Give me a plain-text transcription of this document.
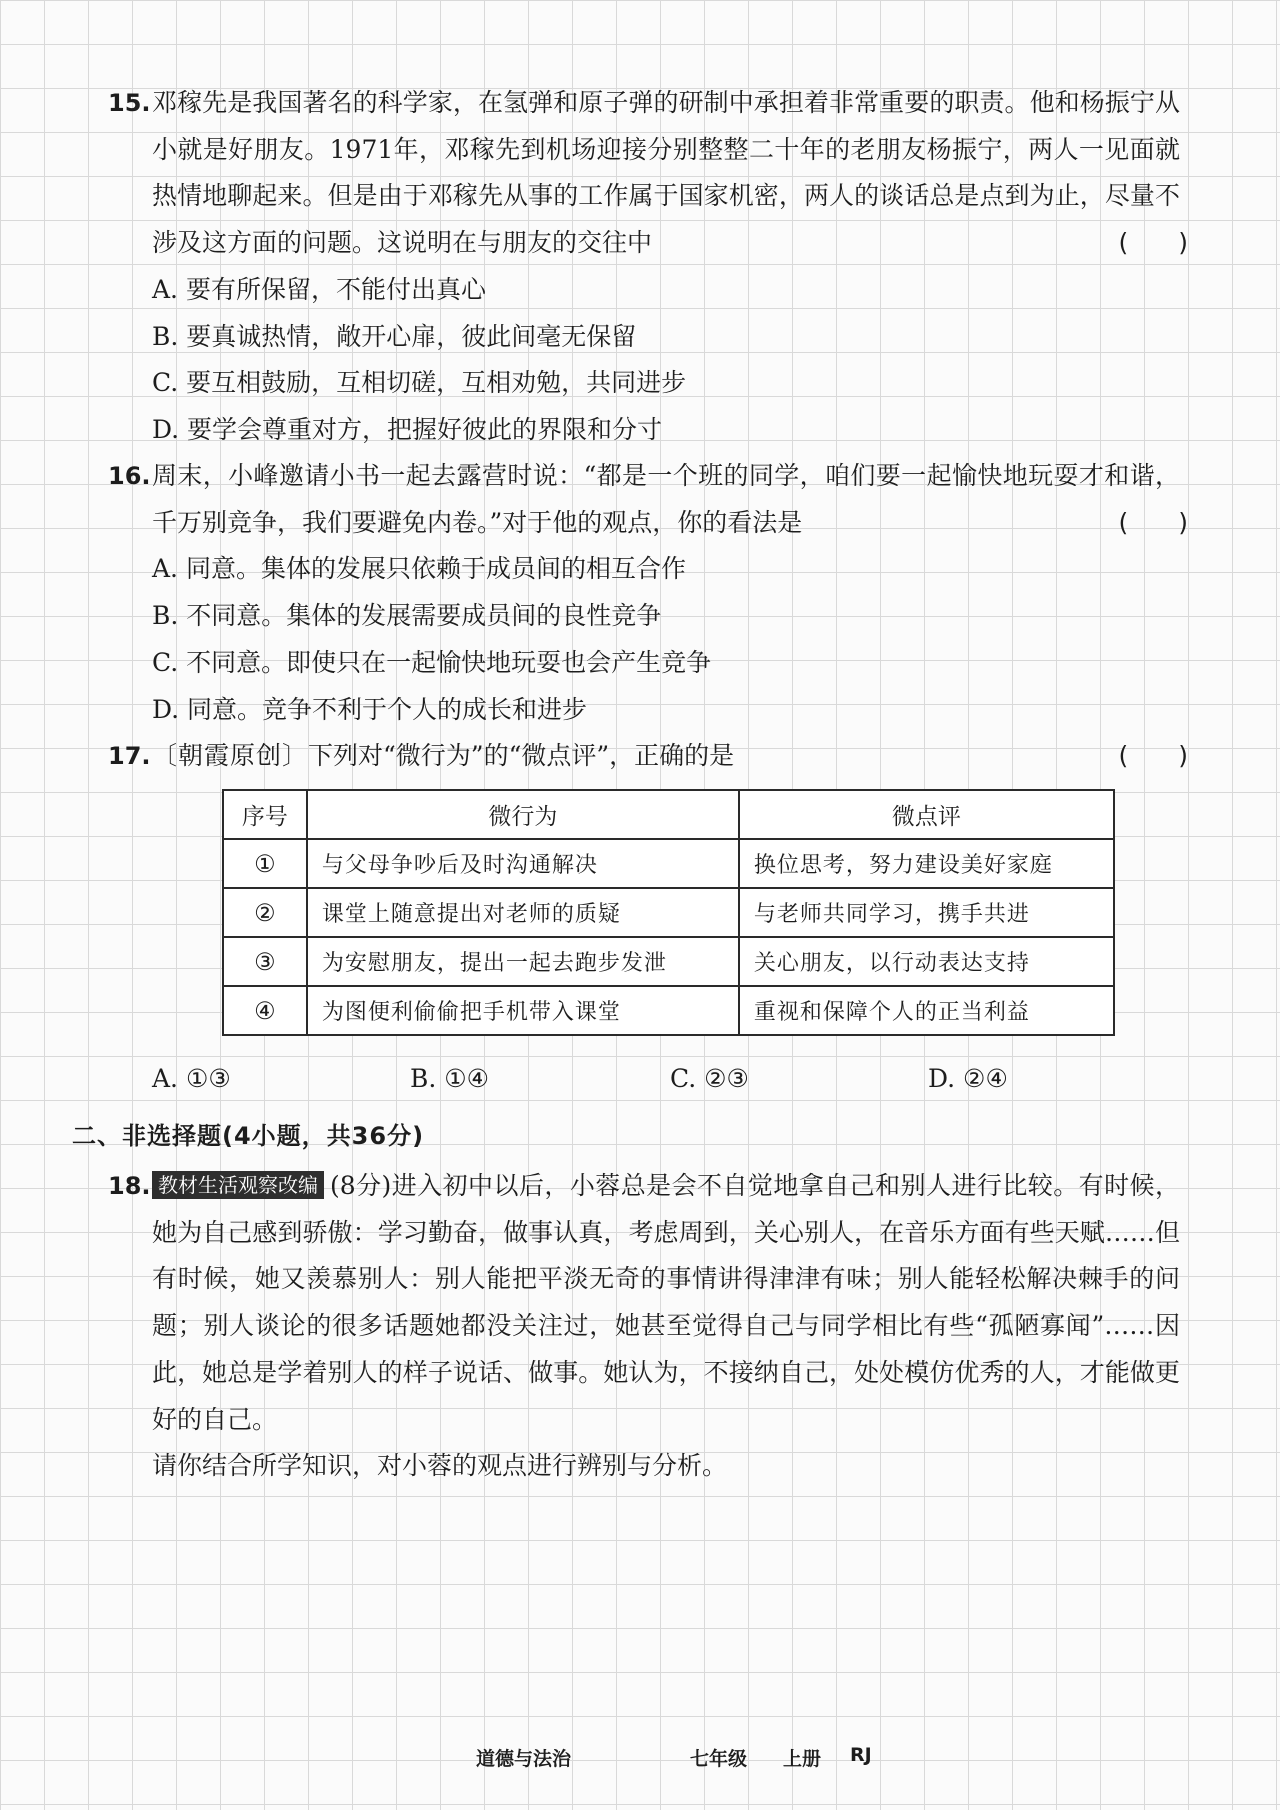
15. 邓稼先是我国著名的科学家，在氢弹和原子弹的研制中承担着非常重要的职责。他和杨振宁从小就是好朋友。1971年，邓稼先到机场迎接分别整整二十年的老朋友杨振宁，两人一见面就热情地聊起来。但是由于邓稼先从事的工作属于国家机密，两人的谈话总是点到为止，尽量不涉及这方面的问题。这说明在与朋友的交往中	(　　)

A. 要有所保留，不能付出真心

B. 要真诚热情，敞开心扉，彼此间毫无保留

C. 要互相鼓励，互相切磋，互相劝勉，共同进步

D. 要学会尊重对方，把握好彼此的界限和分寸

16. 周末，小峰邀请小书一起去露营时说：“都是一个班的同学，咱们要一起愉快地玩耍才和谐，千万别竞争，我们要避免内卷。”对于他的观点，你的看法是	(　　)

A. 同意。集体的发展只依赖于成员间的相互合作

B. 不同意。集体的发展需要成员间的良性竞争

C. 不同意。即使只在一起愉快地玩耍也会产生竞争

D. 同意。竞争不利于个人的成长和进步

17. 〔朝霞原创〕下列对“微行为”的“微点评”，正确的是	(　　)
序号	微行为	微点评
①	与父母争吵后及时沟通解决	换位思考，努力建设美好家庭
②	课堂上随意提出对老师的质疑	与老师共同学习，携手共进
③	为安慰朋友，提出一起去跑步发泄	关心朋友，以行动表达支持
④	为图便利偷偷把手机带入课堂	重视和保障个人的正当利益
A. ①③	B. ①④	C. ②③	D. ②④
二、非选择题(4小题，共36分)
18. 教材生活观察改编 (8分)进入初中以后，小蓉总是会不自觉地拿自己和别人进行比较。有时候，她为自己感到骄傲：学习勤奋，做事认真，考虑周到，关心别人，在音乐方面有些天赋……但有时候，她又羡慕别人：别人能把平淡无奇的事情讲得津津有味；别人能轻松解决棘手的问题；别人谈论的很多话题她都没关注过，她甚至觉得自己与同学相比有些“孤陋寡闻”……因此，她总是学着别人的样子说话、做事。她认为，不接纳自己，处处模仿优秀的人，才能做更好的自己。

请你结合所学知识，对小蓉的观点进行辨别与分析。

道德与法治	七年级 上册 RJ
